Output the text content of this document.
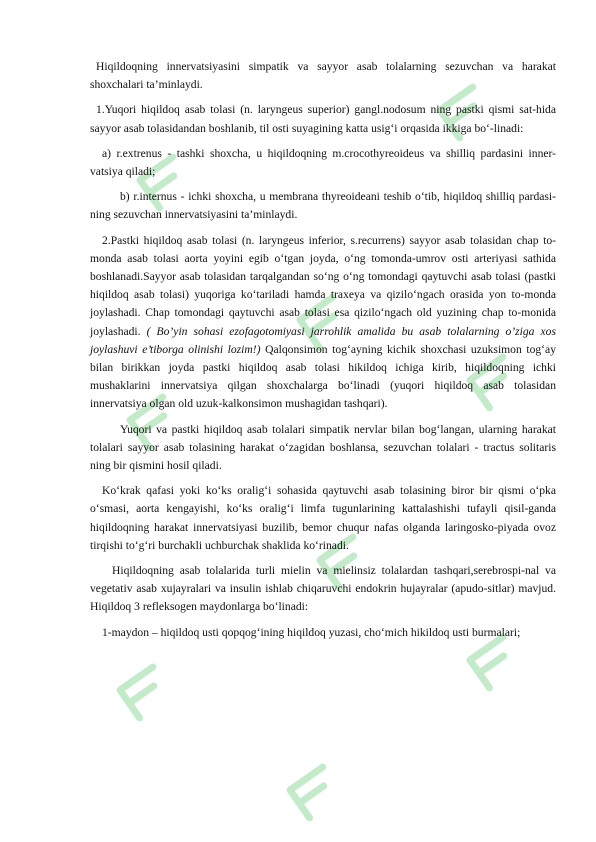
Hiqildoqning innervatsiyasini simpatik va sayyor asab tolalarning sezuvchan va harakat shoxchalari ta’minlaydi.

1.Yuqori hiqildoq asab tolasi (n. laryngeus superior) gangl.nodosum ning pastki qismi sat-hida sayyor asab tolasidandan boshlanib, til osti suyagining katta usig‘i orqasida ikkiga bo‘-linadi:

a) r.extrenus - tashki shoxcha, u hiqildoqning m.crocothyreoideus va shilliq pardasini inner-vatsiya qiladi;

b) r.internus - ichki shoxcha, u membrana thyreoideani teshib o‘tib, hiqildoq shilliq pardasi-ning sezuvchan innervatsiyasini ta’minlaydi.

2.Pastki hiqildoq asab tolasi (n. laryngeus inferior, s.recurrens) sayyor asab tolasidan chap to-monda asab tolasi aorta yoyini egib o‘tgan joyda, o‘ng tomonda-umrov osti arteriyasi sathida boshlanadi.Sayyor asab tolasidan tarqalgandan so‘ng o‘ng tomondagi qaytuvchi asab tolasi (pastki hiqildoq asab tolasi) yuqoriga ko‘tariladi hamda traxeya va qizilo‘ngach orasida yon to-monda joylashadi. Chap tomondagi qaytuvchi asab tolasi esa qizilo‘ngach old yuzining chap to-monida joylashadi. ( Bo’yin sohasi ezofagotomiyasi jarrohlik amalida bu asab tolalarning o’ziga xos joylashuvi e’tiborga olinishi lozim!) Qalqonsimon tog‘ayning kichik shoxchasi uzuksimon tog‘ay bilan birikkan joyda pastki hiqildoq asab tolasi hikildoq ichiga kirib, hiqildoqning ichki mushaklarini innervatsiya qilgan shoxchalarga bo‘linadi (yuqori hiqildoq asab tolasidan innervatsiya olgan old uzuk-kalkonsimon mushagidan tashqari).

Yuqori va pastki hiqildoq asab tolalari simpatik nervlar bilan bog‘langan, ularning harakat tolalari sayyor asab tolasining harakat o‘zagidan boshlansa, sezuvchan tolalari - tractus solitaris ning bir qismini hosil qiladi.

Ko‘krak qafasi yoki ko‘ks oralig‘i sohasida qaytuvchi asab tolasining biror bir qismi o‘pka o‘smasi, aorta kengayishi, ko‘ks oralig‘i limfa tugunlarining kattalashishi tufayli qisil-ganda hiqildoqning harakat innervatsiyasi buzilib, bemor chuqur nafas olganda laringosko-piyada ovoz tirqishi to‘g‘ri burchakli uchburchak shaklida ko‘rinadi.

Hiqildoqning asab tolalarida turli mielin va mielinsiz tolalardan tashqari,serebrospi-nal va vegetativ asab xujayralari va insulin ishlab chiqaruvchi endokrin hujayralar (apudo-sitlar) mavjud. Hiqildoq 3 refleksogen maydonlarga bo‘linadi:

1-maydon – hiqildoq usti qopqog‘ining hiqildoq yuzasi, cho‘mich hikildoq usti burmalari;
